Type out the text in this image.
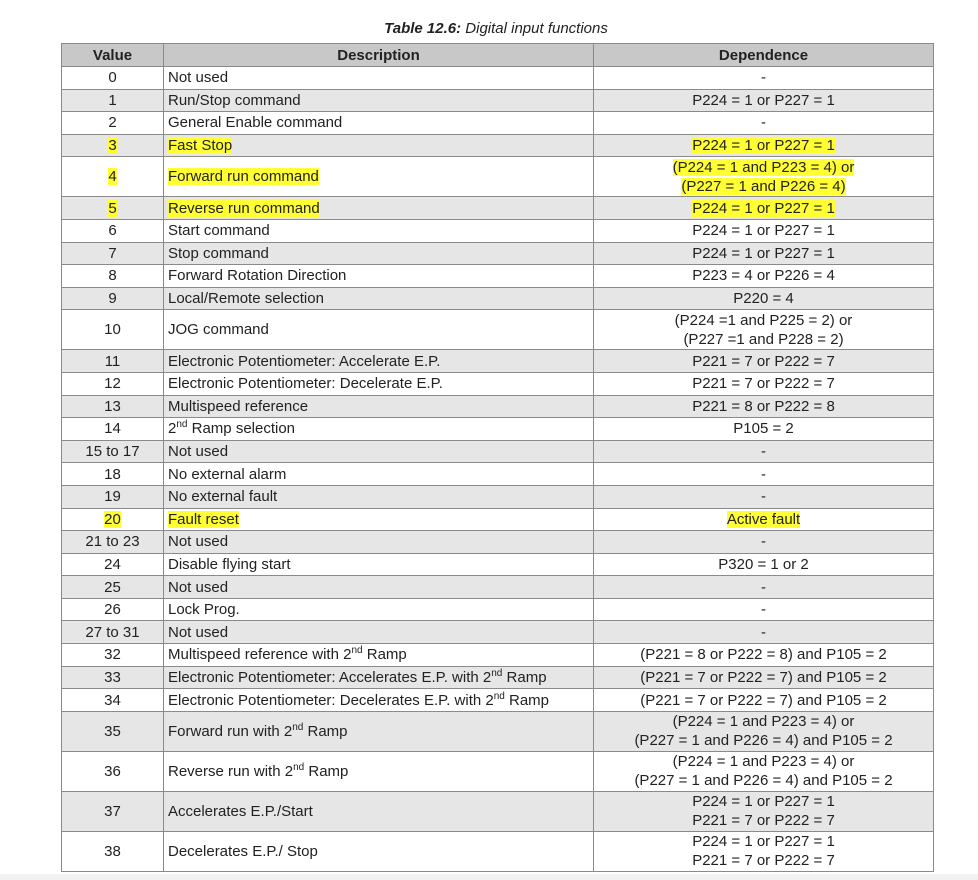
Table 12.6: Digital input functions
Value	Description	Dependence
0	Not used	-
1	Run/Stop command	P224 = 1 or P227 = 1
2	General Enable command	-
3	Fast Stop	P224 = 1 or P227 = 1
4	Forward run command	(P224 = 1 and P223 = 4) or
(P227 = 1 and P226 = 4)
5	Reverse run command	P224 = 1 or P227 = 1
6	Start command	P224 = 1 or P227 = 1
7	Stop command	P224 = 1 or P227 = 1
8	Forward Rotation Direction	P223 = 4 or P226 = 4
9	Local/Remote selection	P220 = 4
10	JOG command	(P224 =1 and P225 = 2) or
(P227 =1 and P228 = 2)
11	Electronic Potentiometer: Accelerate E.P.	P221 = 7 or P222 = 7
12	Electronic Potentiometer: Decelerate E.P.	P221 = 7 or P222 = 7
13	Multispeed reference	P221 = 8 or P222 = 8
14	2nd Ramp selection	P105 = 2
15 to 17	Not used	-
18	No external alarm	-
19	No external fault	-
20	Fault reset	Active fault
21 to 23	Not used	-
24	Disable flying start	P320 = 1 or 2
25	Not used	-
26	Lock Prog.	-
27 to 31	Not used	-
32	Multispeed reference with 2nd Ramp	(P221 = 8 or P222 = 8) and P105 = 2
33	Electronic Potentiometer: Accelerates E.P. with 2nd Ramp	(P221 = 7 or P222 = 7) and P105 = 2
34	Electronic Potentiometer: Decelerates E.P. with 2nd Ramp	(P221 = 7 or P222 = 7) and P105 = 2
35	Forward run with 2nd Ramp	(P224 = 1 and P223 = 4) or
(P227 = 1 and P226 = 4) and P105 = 2
36	Reverse run with 2nd Ramp	(P224 = 1 and P223 = 4) or
(P227 = 1 and P226 = 4) and P105 = 2
37	Accelerates E.P./Start	P224 = 1 or P227 = 1
P221 = 7 or P222 = 7
38	Decelerates E.P./ Stop	P224 = 1 or P227 = 1
P221 = 7 or P222 = 7
